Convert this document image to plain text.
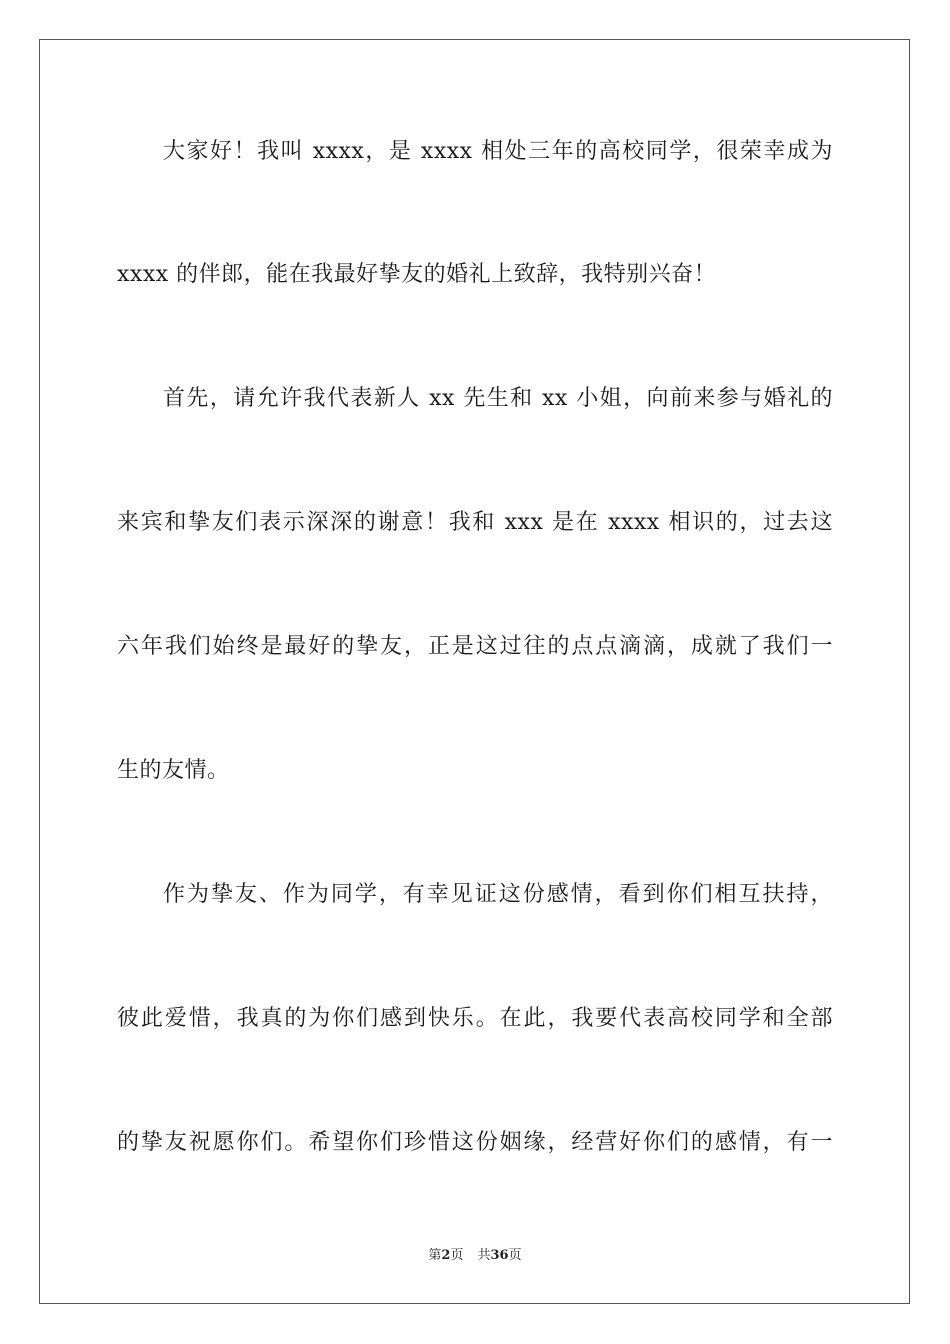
大家好！我叫 xxxx，是 xxxx 相处三年的高校同学，很荣幸成为
xxxx 的伴郎，能在我最好挚友的婚礼上致辞，我特别兴奋！
首先，请允许我代表新人 xx 先生和 xx 小姐，向前来参与婚礼的
来宾和挚友们表示深深的谢意！我和 xxx 是在 xxxx 相识的，过去这
六年我们始终是最好的挚友，正是这过往的点点滴滴，成就了我们一
生的友情。
作为挚友、作为同学，有幸见证这份感情，看到你们相互扶持，
彼此爱惜，我真的为你们感到快乐。在此，我要代表高校同学和全部
的挚友祝愿你们。希望你们珍惜这份姻缘，经营好你们的感情，有一
第2页 共36页
